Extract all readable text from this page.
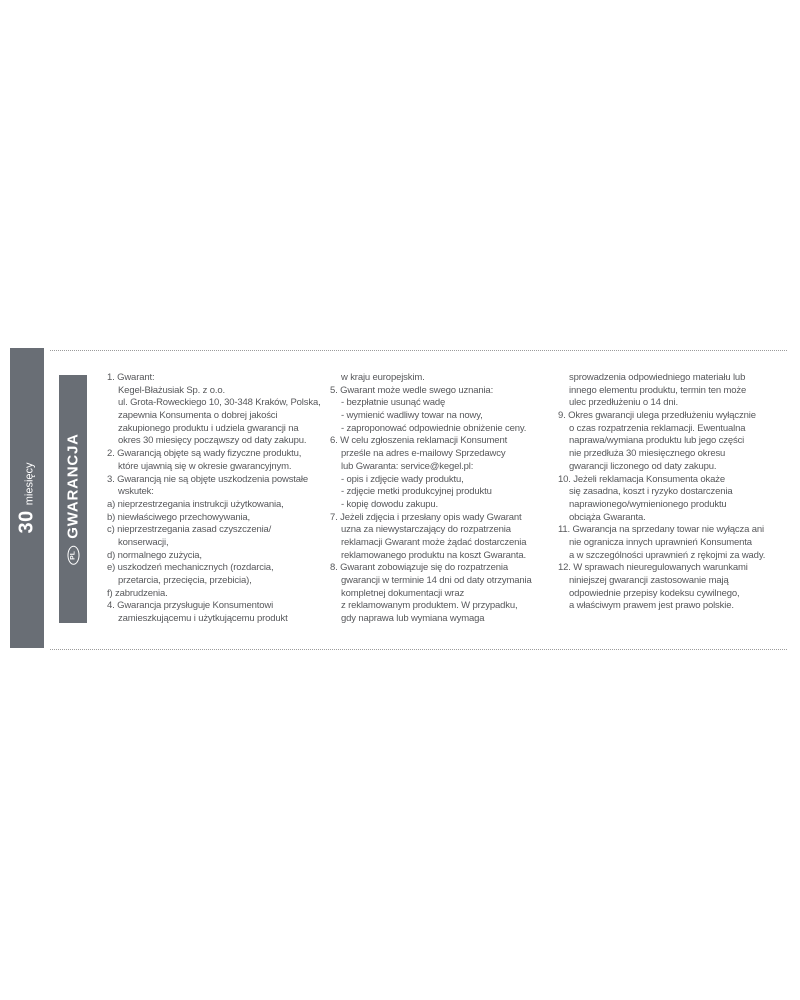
30
miesięcy
PL
GWARANCJA
1. Gwarant:
Kegel-Błażusiak Sp. z o.o.
ul. Grota-Roweckiego 10, 30-348 Kraków, Polska,
zapewnia Konsumenta o dobrej jakości
zakupionego produktu i udziela gwarancji na
okres 30 miesięcy począwszy od daty zakupu.
2. Gwarancją objęte są wady fizyczne produktu,
które ujawnią się w okresie gwarancyjnym.
3. Gwarancją nie są objęte uszkodzenia powstałe
wskutek:
a) nieprzestrzegania instrukcji użytkowania,
b) niewłaściwego przechowywania,
c) nieprzestrzegania zasad czyszczenia/
konserwacji,
d) normalnego zużycia,
e) uszkodzeń mechanicznych (rozdarcia,
przetarcia, przecięcia, przebicia),
f) zabrudzenia.
4. Gwarancja przysługuje Konsumentowi
zamieszkującemu i użytkującemu produkt
w kraju europejskim.
5. Gwarant może wedle swego uznania:
- bezpłatnie usunąć wadę
- wymienić wadliwy towar na nowy,
- zaproponować odpowiednie obniżenie ceny.
6. W celu zgłoszenia reklamacji Konsument
prześle na adres e-mailowy Sprzedawcy
lub Gwaranta: service@kegel.pl:
- opis i zdjęcie wady produktu,
- zdjęcie metki produkcyjnej produktu
- kopię dowodu zakupu.
7. Jeżeli zdjęcia i przesłany opis wady Gwarant
uzna za niewystarczający do rozpatrzenia
reklamacji Gwarant może żądać dostarczenia
reklamowanego produktu na koszt Gwaranta.
8. Gwarant zobowiązuje się do rozpatrzenia
gwarancji w terminie 14 dni od daty otrzymania
kompletnej dokumentacji wraz
z reklamowanym produktem. W przypadku,
gdy naprawa lub wymiana wymaga
sprowadzenia odpowiedniego materiału lub
innego elementu produktu, termin ten może
ulec przedłużeniu o 14 dni.
9. Okres gwarancji ulega przedłużeniu wyłącznie
o czas rozpatrzenia reklamacji. Ewentualna
naprawa/wymiana produktu lub jego części
nie przedłuża 30 miesięcznego okresu
gwarancji liczonego od daty zakupu.
10. Jeżeli reklamacja Konsumenta okaże
się zasadna, koszt i ryzyko dostarczenia
naprawionego/wymienionego produktu
obciąża Gwaranta.
11. Gwarancja na sprzedany towar nie wyłącza ani
nie ogranicza innych uprawnień Konsumenta
a w szczególności uprawnień z rękojmi za wady.
12. W sprawach nieuregulowanych warunkami
niniejszej gwarancji zastosowanie mają
odpowiednie przepisy kodeksu cywilnego,
a właściwym prawem jest prawo polskie.
